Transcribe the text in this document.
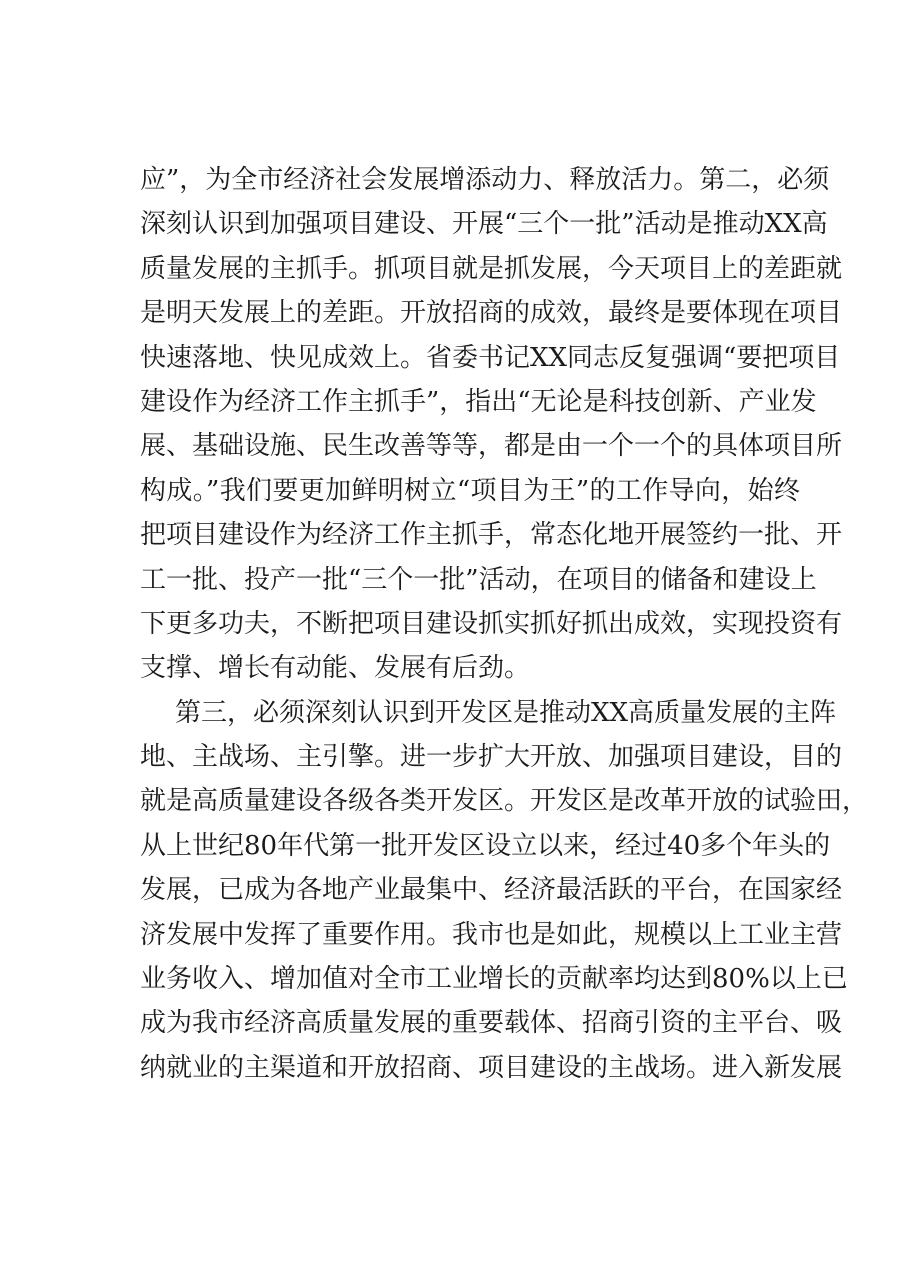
应”，为全市经济社会发展增添动力、释放活力。第二，必须
深刻认识到加强项目建设、开展“三个一批”活动是推动XX高
质量发展的主抓手。抓项目就是抓发展，今天项目上的差距就
是明天发展上的差距。开放招商的成效，最终是要体现在项目
快速落地、快见成效上。省委书记XX同志反复强调“要把项目
建设作为经济工作主抓手”，指出“无论是科技创新、产业发
展、基础设施、民生改善等等，都是由一个一个的具体项目所
构成。”我们要更加鲜明树立“项目为王”的工作导向，始终
把项目建设作为经济工作主抓手，常态化地开展签约一批、开
工一批、投产一批“三个一批”活动，在项目的储备和建设上
下更多功夫，不断把项目建设抓实抓好抓出成效，实现投资有
支撑、增长有动能、发展有后劲。
第三，必须深刻认识到开发区是推动XX高质量发展的主阵
地、主战场、主引擎。进一步扩大开放、加强项目建设，目的
就是高质量建设各级各类开发区。开发区是改革开放的试验田，
从上世纪80年代第一批开发区设立以来，经过40多个年头的
发展，已成为各地产业最集中、经济最活跃的平台，在国家经
济发展中发挥了重要作用。我市也是如此，规模以上工业主营
业务收入、增加值对全市工业增长的贡献率均达到80%以上已
成为我市经济高质量发展的重要载体、招商引资的主平台、吸
纳就业的主渠道和开放招商、项目建设的主战场。进入新发展
